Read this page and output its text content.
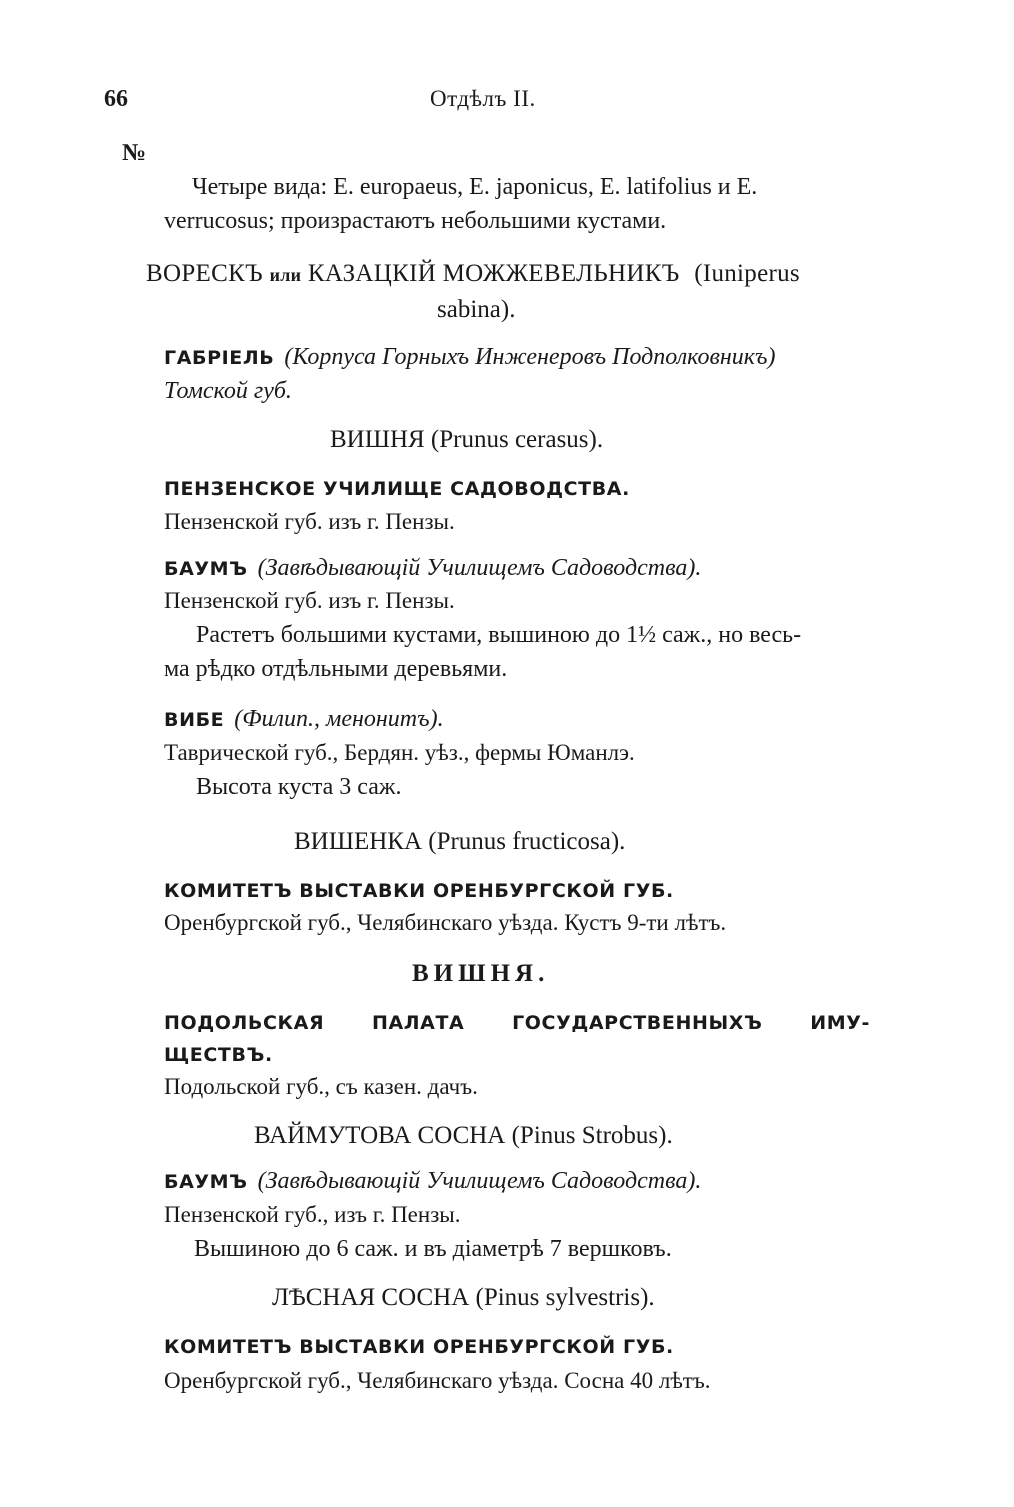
66	Отдѣлъ II.
№
Четыре вида: E. europaeus, E. japonicus, E. latifolius и E.
verrucosus; произрастаютъ небольшими кустами.
ВОРЕСКЪ или КАЗАЦКІЙ МОЖЖЕВЕЛЬНИКЪ (Iuniperus
sabina).
ГАБРІЕЛЬ (Корпуса Горныхъ Инженеровъ Подполковникъ)
Томской губ.
ВИШНЯ (Prunus cerasus).
ПЕНЗЕНСКОЕ УЧИЛИЩЕ САДОВОДСТВА.
Пензенской губ. изъ г. Пензы.
БАУМЪ (Завѣдывающій Училищемъ Садоводства).
Пензенской губ. изъ г. Пензы.
Растетъ большими кустами, вышиною до 1½ саж., но весь-
ма рѣдко отдѣльными деревьями.
ВИБЕ (Филип., менонитъ).
Таврической губ., Бердян. уѣз., фермы Юманлэ.
Высота куста 3 саж.
ВИШЕНКА (Prunus fructicosa).
КОМИТЕТЪ ВЫСТАВКИ ОРЕНБУРГСКОЙ ГУБ.
Оренбургской губ., Челябинскаго уѣзда. Кустъ 9-ти лѣтъ.
ВИШНЯ.
ПОДОЛЬСКАЯ	ПАЛАТА	ГОСУДАРСТВЕННЫХЪ	ИМУ-
ЩЕСТВЪ.
Подольской губ., съ казен. дачъ.
ВАЙМУТОВА СОСНА (Pinus Strobus).
БАУМЪ (Завѣдывающій Училищемъ Садоводства).
Пензенской губ., изъ г. Пензы.
Вышиною до 6 саж. и въ діаметрѣ 7 вершковъ.
ЛѢСНАЯ СОСНА (Pinus sylvestris).
КОМИТЕТЪ ВЫСТАВКИ ОРЕНБУРГСКОЙ ГУБ.
Оренбургской губ., Челябинскаго уѣзда. Сосна 40 лѣтъ.
